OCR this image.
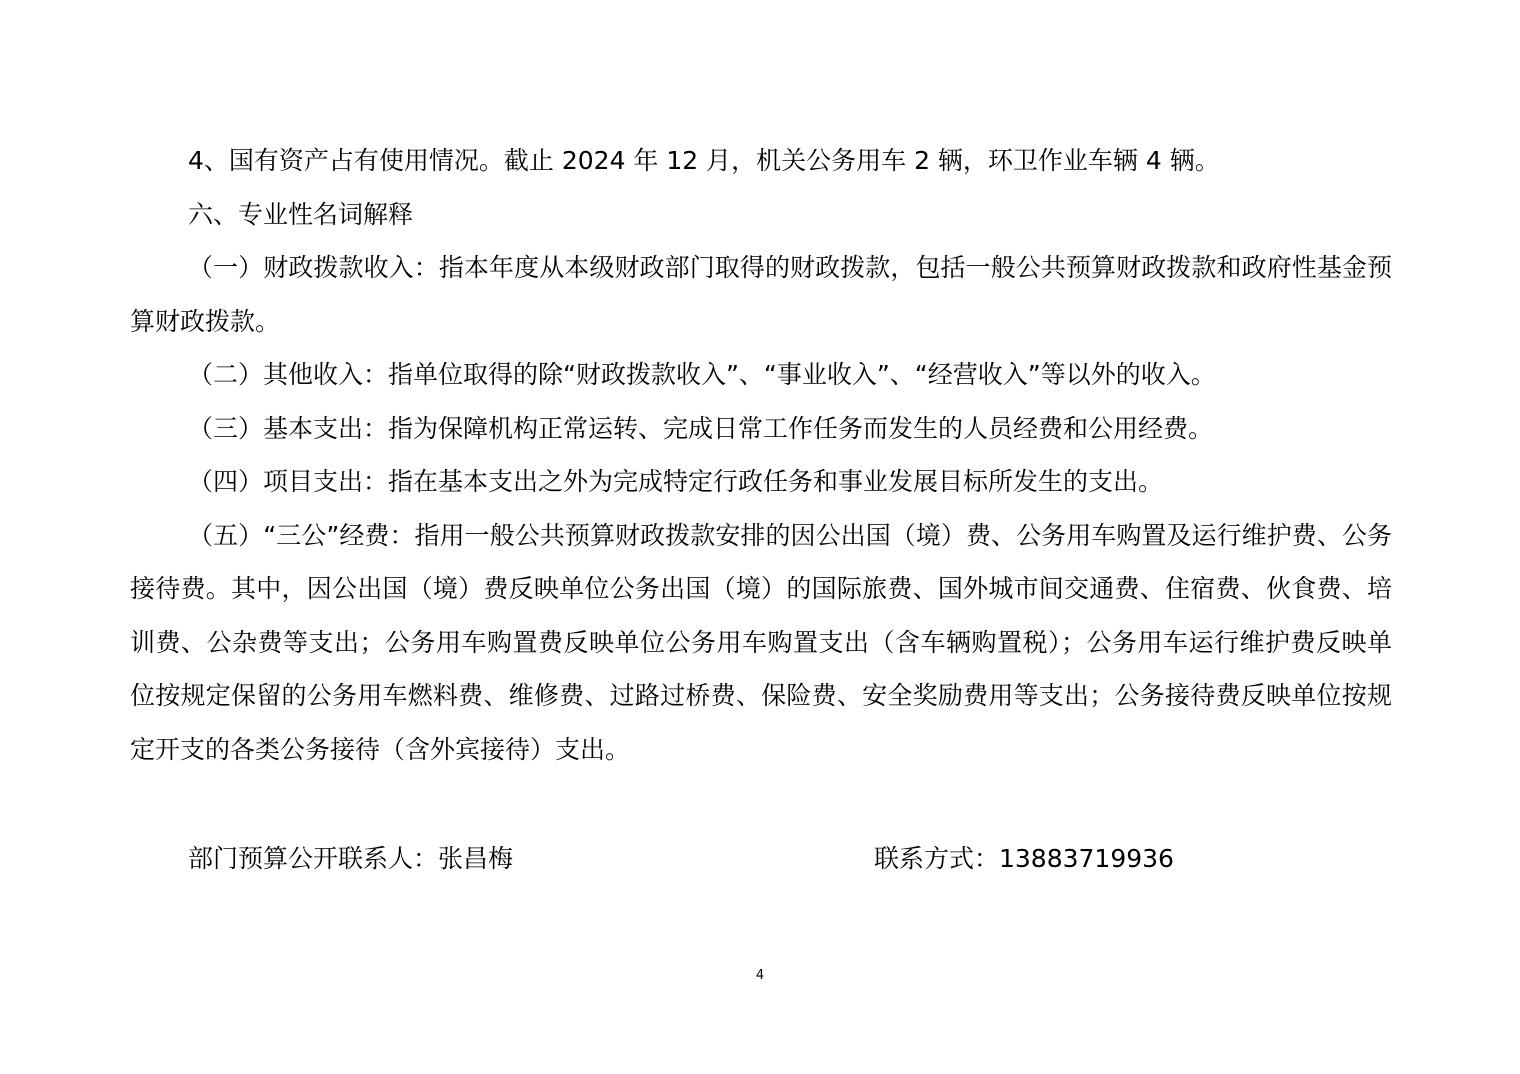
4、国有资产占有使用情况。截止 2024 年 12 月，机关公务用车 2 辆，环卫作业车辆 4 辆。

六、专业性名词解释

（一）财政拨款收入：指本年度从本级财政部门取得的财政拨款，包括一般公共预算财政拨款和政府性基金预算财政拨款。

（二）其他收入：指单位取得的除“财政拨款收入”、“事业收入”、“经营收入”等以外的收入。

（三）基本支出：指为保障机构正常运转、完成日常工作任务而发生的人员经费和公用经费。

（四）项目支出：指在基本支出之外为完成特定行政任务和事业发展目标所发生的支出。

（五）“三公”经费：指用一般公共预算财政拨款安排的因公出国（境）费、公务用车购置及运行维护费、公务接待费。其中，因公出国（境）费反映单位公务出国（境）的国际旅费、国外城市间交通费、住宿费、伙食费、培训费、公杂费等支出；公务用车购置费反映单位公务用车购置支出（含车辆购置税）；公务用车运行维护费反映单位按规定保留的公务用车燃料费、维修费、过路过桥费、保险费、安全奖励费用等支出；公务接待费反映单位按规定开支的各类公务接待（含外宾接待）支出。

部门预算公开联系人：张昌梅	联系方式：13883719936
4
